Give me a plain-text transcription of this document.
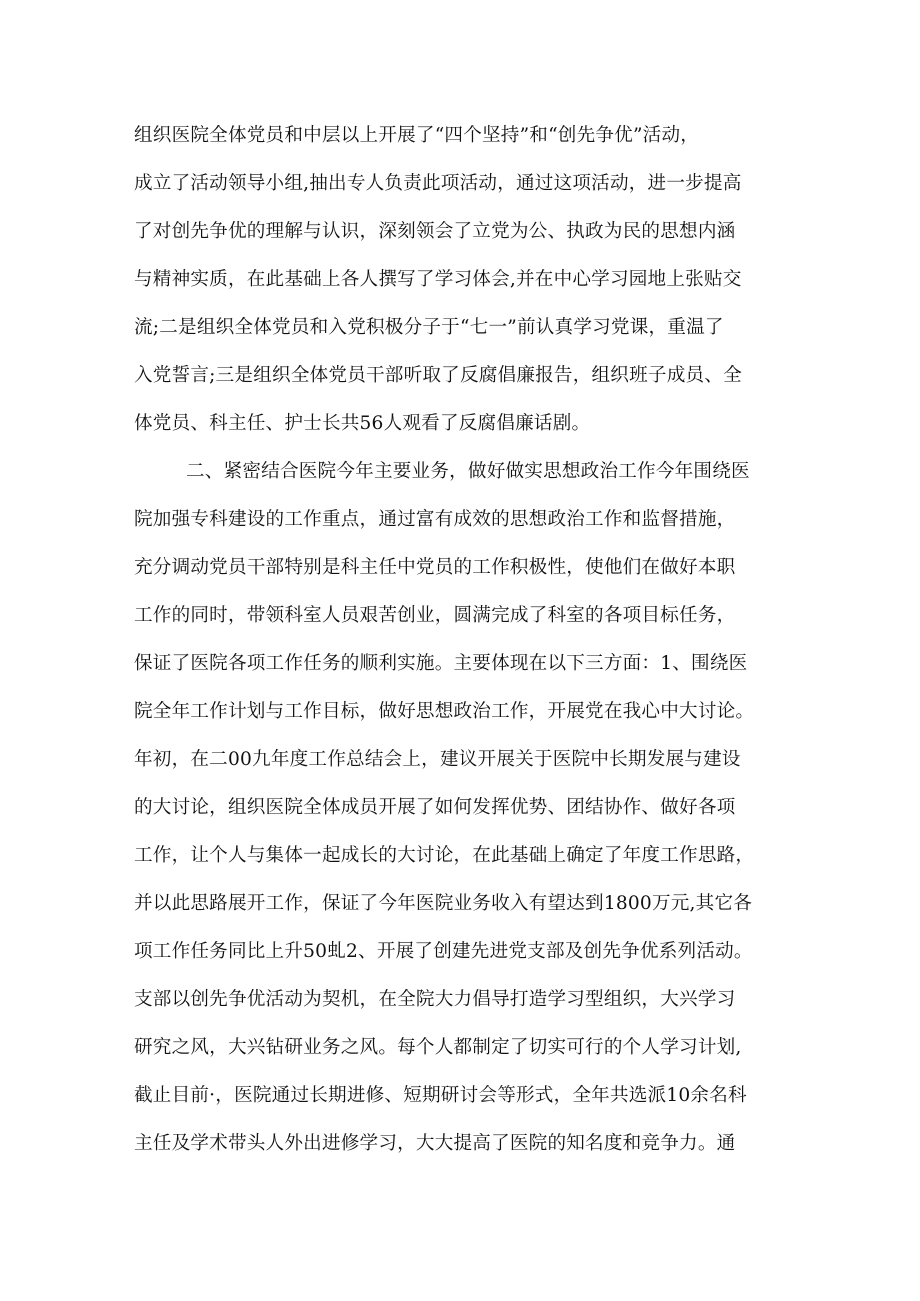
组织医院全体党员和中层以上开展了“四个坚持”和“创先争优”活动，
成立了活动领导小组,抽出专人负责此项活动，通过这项活动，进一步提高
了对创先争优的理解与认识，深刻领会了立党为公、执政为民的思想内涵
与精神实质，在此基础上各人撰写了学习体会,并在中心学习园地上张贴交
流;二是组织全体党员和入党积极分子于“七一”前认真学习党课，重温了
入党誓言;三是组织全体党员干部听取了反腐倡廉报告，组织班子成员、全
体党员、科主任、护士长共56人观看了反腐倡廉话剧。
二、紧密结合医院今年主要业务，做好做实思想政治工作今年围绕医
院加强专科建设的工作重点，通过富有成效的思想政治工作和监督措施，
充分调动党员干部特别是科主任中党员的工作积极性，使他们在做好本职
工作的同时，带领科室人员艰苦创业，圆满完成了科室的各项目标任务，
保证了医院各项工作任务的顺利实施。主要体现在以下三方面：1、围绕医
院全年工作计划与工作目标，做好思想政治工作，开展党在我心中大讨论。
年初，在二00九年度工作总结会上，建议开展关于医院中长期发展与建设
的大讨论，组织医院全体成员开展了如何发挥优势、团结协作、做好各项
工作，让个人与集体一起成长的大讨论，在此基础上确定了年度工作思路，
并以此思路展开工作，保证了今年医院业务收入有望达到1800万元,其它各
项工作任务同比上升50虬2、开展了创建先进党支部及创先争优系列活动。
支部以创先争优活动为契机，在全院大力倡导打造学习型组织，大兴学习
研究之风，大兴钻研业务之风。每个人都制定了切实可行的个人学习计划,
截止目前·，医院通过长期进修、短期研讨会等形式，全年共选派10余名科
主任及学术带头人外出进修学习，大大提高了医院的知名度和竞争力。通
